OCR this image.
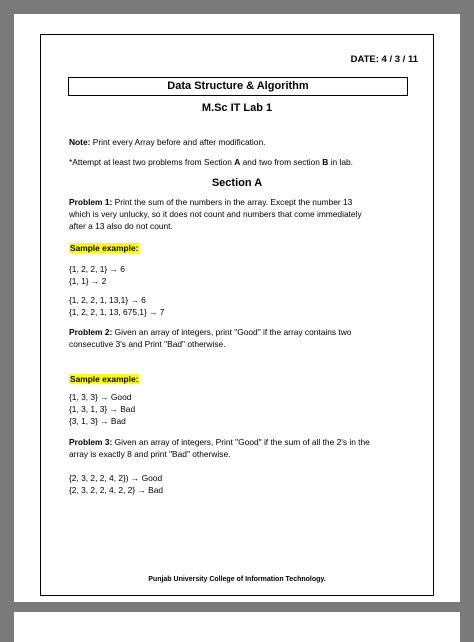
DATE: 4 / 3 / 11
Data Structure & Algorithm
M.Sc IT Lab 1
Note: Print every Array before and after modification.
*Attempt at least two problems from Section A and two from section B in lab.
Section A
Problem 1: Print the sum of the numbers in the array. Except the number 13
which is very unlucky, so it does not count and numbers that come immediately
after a 13 also do not count.
Sample example:
{1, 2, 2, 1} → 6
{1, 1} → 2
{1, 2, 2, 1, 13,1} → 6
{1, 2, 2, 1, 13, 675,1} → 7
Problem 2: Given an array of integers, print "Good" if the array contains two
consecutive 3's and Print "Bad" otherwise.
Sample example:
{1, 3, 3} → Good
{1, 3, 1, 3} → Bad
{3, 1, 3} → Bad
Problem 3: Given an array of integers, Print "Good" if the sum of all the 2's in the
array is exactly 8 and print "Bad" otherwise.
{2, 3, 2, 2, 4, 2}) → Good
{2, 3, 2, 2, 4, 2, 2} → Bad
Punjab University College of Information Technology.
